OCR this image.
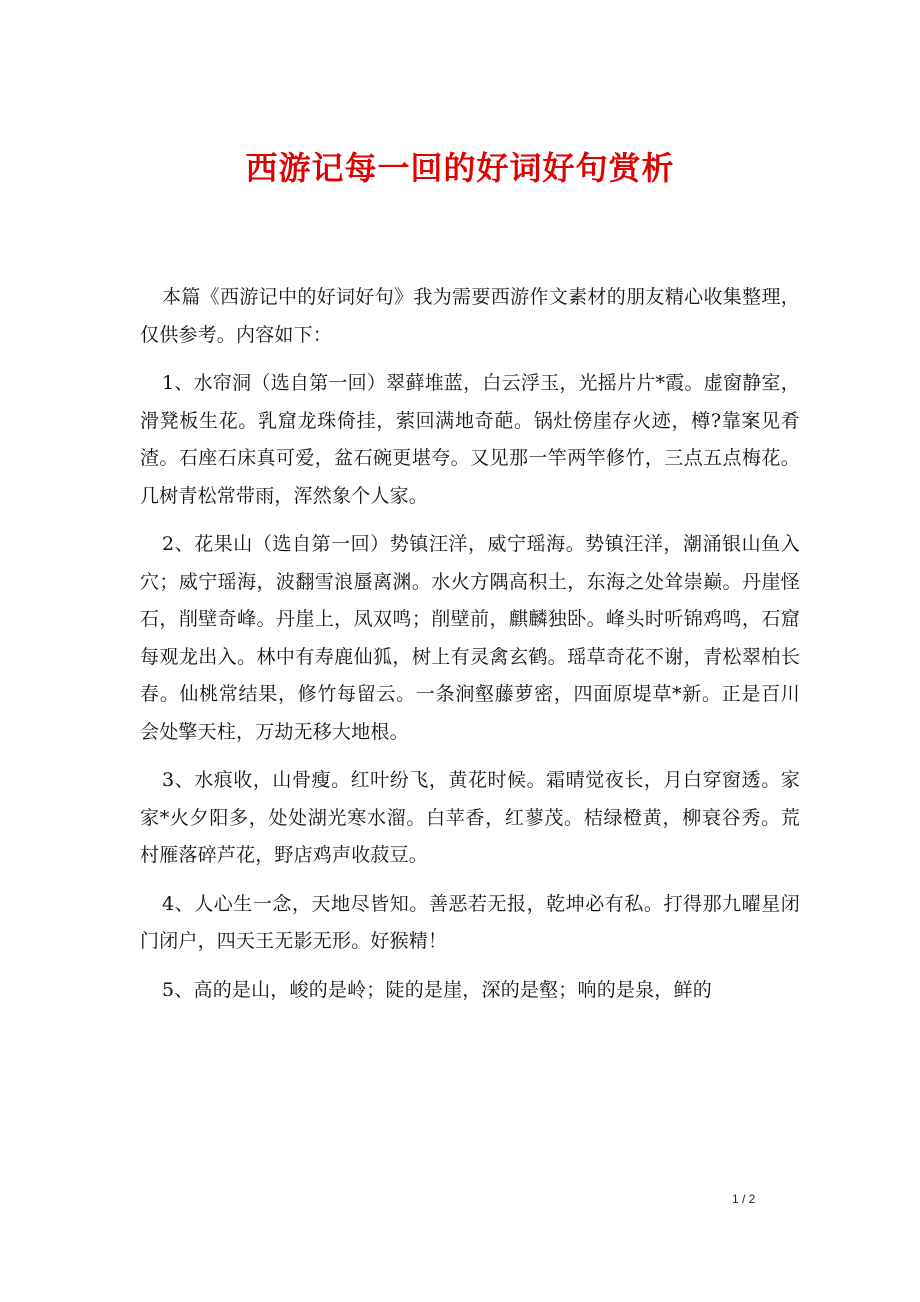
西游记每一回的好词好句赏析

本篇《西游记中的好词好句》我为需要西游作文素材的朋友精心收集整理，仅供参考。内容如下：

1、水帘洞（选自第一回）翠藓堆蓝，白云浮玉，光摇片片*霞。虚窗静室，滑凳板生花。乳窟龙珠倚挂，萦回满地奇葩。锅灶傍崖存火迹，樽?靠案见肴渣。石座石床真可爱，盆石碗更堪夸。又见那一竿两竿修竹，三点五点梅花。几树青松常带雨，浑然象个人家。

2、花果山（选自第一回）势镇汪洋，威宁瑶海。势镇汪洋，潮涌银山鱼入穴；威宁瑶海，波翻雪浪蜃离渊。水火方隅高积土，东海之处耸崇巅。丹崖怪石，削壁奇峰。丹崖上，凤双鸣；削壁前，麒麟独卧。峰头时听锦鸡鸣，石窟每观龙出入。林中有寿鹿仙狐，树上有灵禽玄鹤。瑶草奇花不谢，青松翠柏长春。仙桃常结果，修竹每留云。一条涧壑藤萝密，四面原堤草*新。正是百川会处擎天柱，万劫无移大地根。

3、水痕收，山骨瘦。红叶纷飞，黄花时候。霜晴觉夜长，月白穿窗透。家家*火夕阳多，处处湖光寒水溜。白苹香，红蓼茂。桔绿橙黄，柳衰谷秀。荒村雁落碎芦花，野店鸡声收菽豆。

4、人心生一念，天地尽皆知。善恶若无报，乾坤必有私。打得那九曜星闭门闭户，四天王无影无形。好猴精！

5、高的是山，峻的是岭；陡的是崖，深的是壑；响的是泉，鲜的

1 / 2
